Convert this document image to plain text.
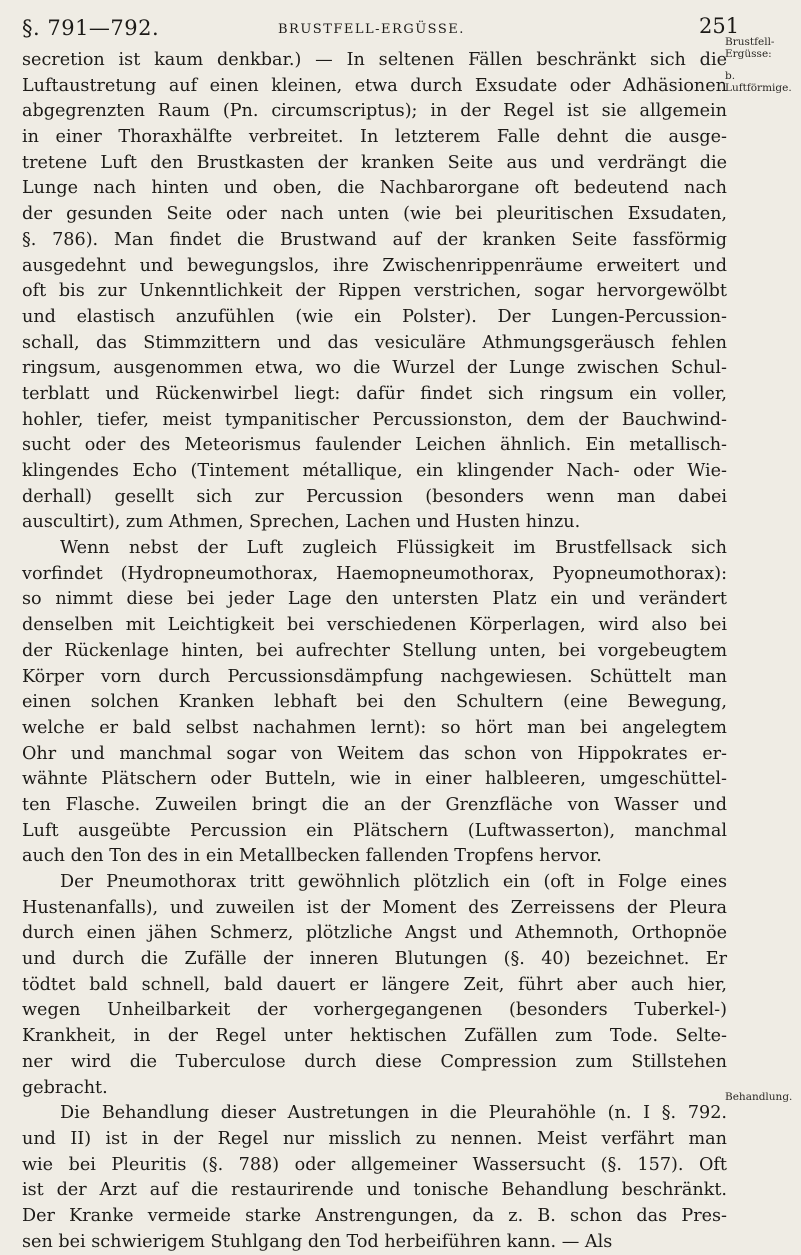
§. 791—792.	BRUSTFELL-ERGÜSSE.	251
Brustfell-
Ergüsse:
b.
Luftförmige.
Behandlung.
secretion ist kaum denkbar.) — In seltenen Fällen beschränkt sich die
Luftaustretung auf einen kleinen, etwa durch Exsudate oder Adhäsionen
abgegrenzten Raum (Pn. circumscriptus); in der Regel ist sie allgemein
in einer Thoraxhälfte verbreitet. In letzterem Falle dehnt die ausge-
tretene Luft den Brustkasten der kranken Seite aus und verdrängt die
Lunge nach hinten und oben, die Nachbarorgane oft bedeutend nach
der gesunden Seite oder nach unten (wie bei pleuritischen Exsudaten,
§. 786). Man findet die Brustwand auf der kranken Seite fassförmig
ausgedehnt und bewegungslos, ihre Zwischenrippenräume erweitert und
oft bis zur Unkenntlichkeit der Rippen verstrichen, sogar hervorgewölbt
und elastisch anzufühlen (wie ein Polster). Der Lungen-Percussion-
schall, das Stimmzittern und das vesiculäre Athmungsgeräusch fehlen
ringsum, ausgenommen etwa, wo die Wurzel der Lunge zwischen Schul-
terblatt und Rückenwirbel liegt: dafür findet sich ringsum ein voller,
hohler, tiefer, meist tympanitischer Percussionston, dem der Bauchwind-
sucht oder des Meteorismus faulender Leichen ähnlich. Ein metallisch-
klingendes Echo (Tintement métallique, ein klingender Nach- oder Wie-
derhall) gesellt sich zur Percussion (besonders wenn man dabei
auscultirt), zum Athmen, Sprechen, Lachen und Husten hinzu.
Wenn nebst der Luft zugleich Flüssigkeit im Brustfellsack sich
vorfindet (Hydropneumothorax, Haemopneumothorax, Pyopneumothorax):
so nimmt diese bei jeder Lage den untersten Platz ein und verändert
denselben mit Leichtigkeit bei verschiedenen Körperlagen, wird also bei
der Rückenlage hinten, bei aufrechter Stellung unten, bei vorgebeugtem
Körper vorn durch Percussionsdämpfung nachgewiesen. Schüttelt man
einen solchen Kranken lebhaft bei den Schultern (eine Bewegung,
welche er bald selbst nachahmen lernt): so hört man bei angelegtem
Ohr und manchmal sogar von Weitem das schon von Hippokrates er-
wähnte Plätschern oder Butteln, wie in einer halbleeren, umgeschüttel-
ten Flasche. Zuweilen bringt die an der Grenzfläche von Wasser und
Luft ausgeübte Percussion ein Plätschern (Luftwasserton), manchmal
auch den Ton des in ein Metallbecken fallenden Tropfens hervor.
Der Pneumothorax tritt gewöhnlich plötzlich ein (oft in Folge eines
Hustenanfalls), und zuweilen ist der Moment des Zerreissens der Pleura
durch einen jähen Schmerz, plötzliche Angst und Athemnoth, Orthopnöe
und durch die Zufälle der inneren Blutungen (§. 40) bezeichnet. Er
tödtet bald schnell, bald dauert er längere Zeit, führt aber auch hier,
wegen Unheilbarkeit der vorhergegangenen (besonders Tuberkel-)
Krankheit, in der Regel unter hektischen Zufällen zum Tode. Selte-
ner wird die Tuberculose durch diese Compression zum Stillstehen
gebracht.
Die Behandlung dieser Austretungen in die Pleurahöhle (n. I §. 792.
und II) ist in der Regel nur misslich zu nennen. Meist verfährt man
wie bei Pleuritis (§. 788) oder allgemeiner Wassersucht (§. 157). Oft
ist der Arzt auf die restaurirende und tonische Behandlung beschränkt.
Der Kranke vermeide starke Anstrengungen, da z. B. schon das Pres-
sen bei schwierigem Stuhlgang den Tod herbeiführen kann. — Als
